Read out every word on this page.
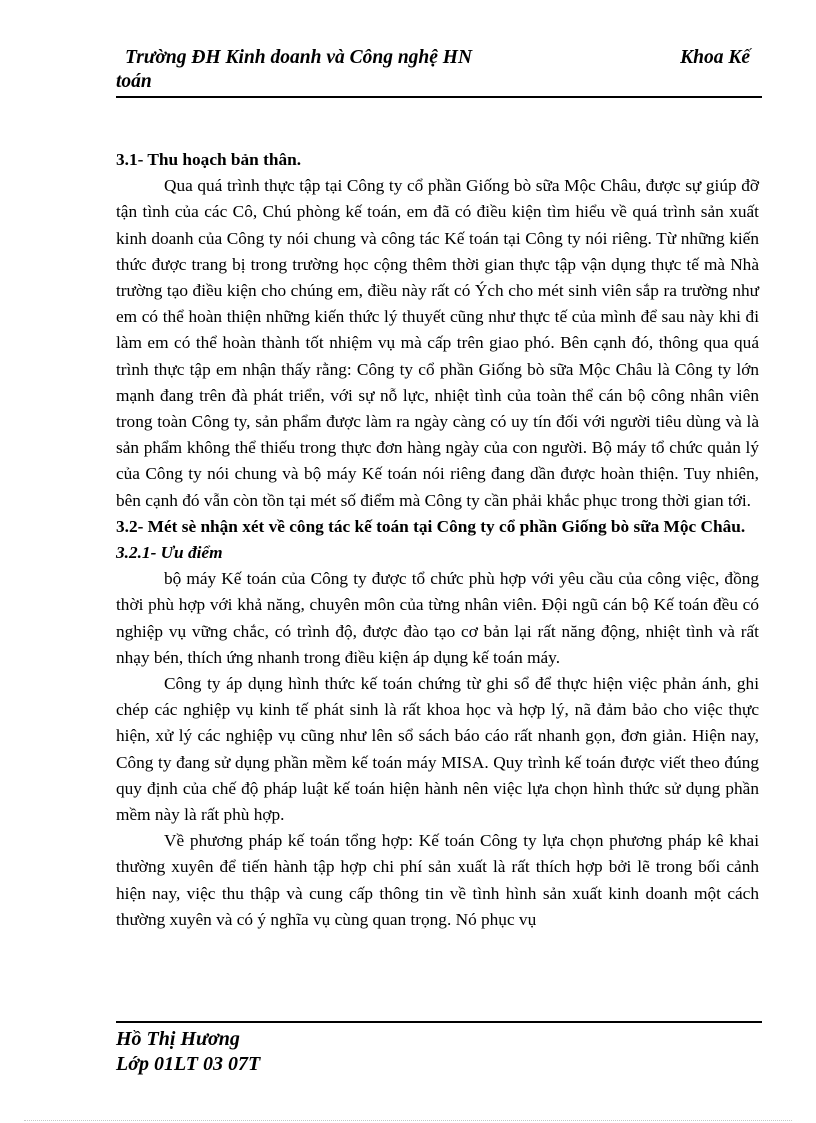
Trường ĐH Kinh doanh và Công nghệ HN	Khoa Kế
toán

3.1- Thu hoạch bản thân.

Qua quá trình thực tập tại Công ty cổ phần Giống bò sữa Mộc Châu, được sự giúp đỡ tận tình của các Cô, Chú phòng kế toán, em đã có điều kiện tìm hiểu về quá trình sản xuất kinh doanh của Công ty nói chung và công tác Kế toán tại Công ty nói riêng. Từ những kiến thức được trang bị trong trường học cộng thêm thời gian thực tập vận dụng thực tế mà Nhà trường tạo điều kiện cho chúng em, điều này rất có Ých cho mét sinh viên sắp ra trường như em có thể hoàn thiện những kiến thức lý thuyết cũng như thực tế của mình để sau này khi đi làm em có thể hoàn thành tốt nhiệm vụ mà cấp trên giao phó. Bên cạnh đó, thông qua quá trình thực tập em nhận thấy rằng: Công ty cổ phần Giống bò sữa Mộc Châu là Công ty lớn mạnh đang trên đà phát triển, với sự nỗ lực, nhiệt tình của toàn thể cán bộ công nhân viên trong toàn Công ty, sản phẩm được làm ra ngày càng có uy tín đối với người tiêu dùng và là sản phẩm không thể thiếu trong thực đơn hàng ngày của con người. Bộ máy tổ chức quản lý của Công ty nói chung và bộ máy Kế toán nói riêng đang dần được hoàn thiện. Tuy nhiên, bên cạnh đó vẫn còn tồn tại mét số điểm mà Công ty cần phải khắc phục trong thời gian tới.

3.2- Mét sè nhận xét về công tác kế toán tại Công ty cổ phần Giống bò sữa Mộc Châu.

3.2.1- Ưu điểm

bộ máy Kế toán của Công ty được tổ chức phù hợp với yêu cầu của công việc, đồng thời phù hợp với khả năng, chuyên môn của từng nhân viên. Đội ngũ cán bộ Kế toán đều có nghiệp vụ vững chắc, có trình độ, được đào tạo cơ bản lại rất năng động, nhiệt tình và rất nhạy bén, thích ứng nhanh trong điều kiện áp dụng kế toán máy.

Công ty áp dụng hình thức kế toán chứng từ ghi sổ để thực hiện việc phản ánh, ghi chép các nghiệp vụ kinh tế phát sinh là rất khoa học và hợp lý, nã đảm bảo cho việc thực hiện, xử lý các nghiệp vụ cũng như lên sổ sách báo cáo rất nhanh gọn, đơn giản. Hiện nay, Công ty đang sử dụng phần mềm kế toán máy MISA. Quy trình kế toán được viết theo đúng quy định của chế độ pháp luật kế toán hiện hành nên việc lựa chọn hình thức sử dụng phần mềm này là rất phù hợp.

Về phương pháp kế toán tổng hợp: Kế toán Công ty lựa chọn phương pháp kê khai thường xuyên để tiến hành tập hợp chi phí sản xuất là rất thích hợp bởi lẽ trong bối cảnh hiện nay, việc thu thập và cung cấp thông tin về tình hình sản xuất kinh doanh một cách thường xuyên và có ý nghĩa vụ cùng quan trọng. Nó phục vụ

Hồ Thị Hương
Lớp 01LT 03 07T
